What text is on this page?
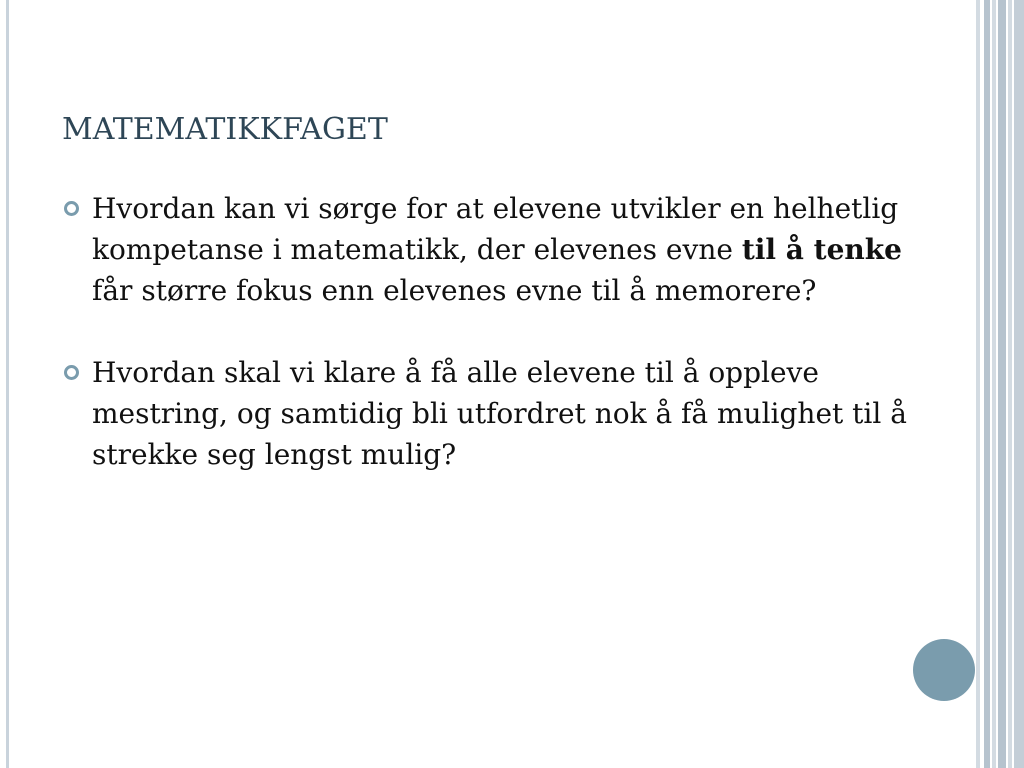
MATEMATIKKFAGET
Hvordan kan vi sørge for at elevene utvikler en helhetlig kompetanse i matematikk, der elevenes evne til å tenke får større fokus enn elevenes evne til å memorere?
Hvordan skal vi klare å få alle elevene til å oppleve mestring, og samtidig bli utfordret nok å få mulighet til å strekke seg lengst mulig?
